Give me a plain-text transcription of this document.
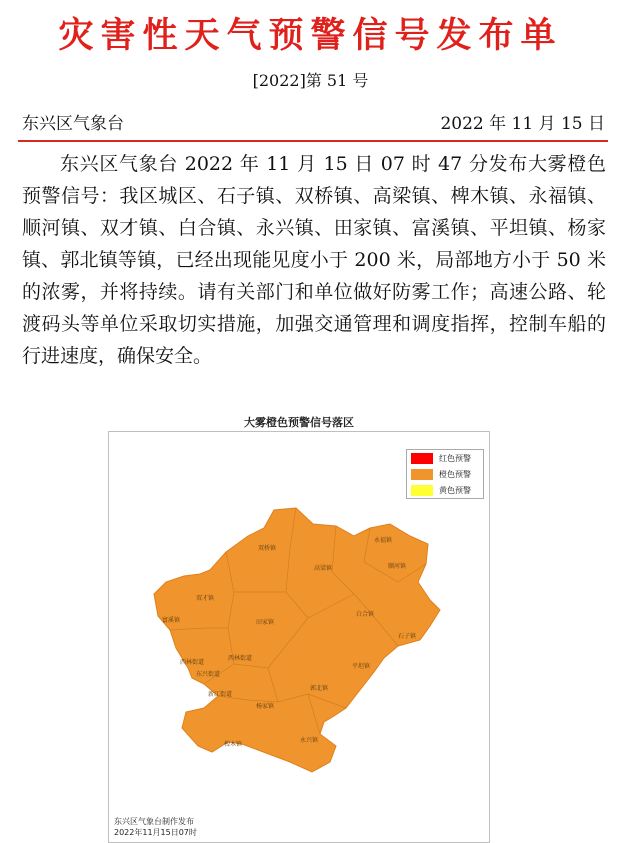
灾害性天气预警信号发布单
[2022]第 51 号
东兴区气象台	2022 年 11 月 15 日

东兴区气象台 2022 年 11 月 15 日 07 时 47 分发布大雾橙色预警信号：我区城区、石子镇、双桥镇、高梁镇、椑木镇、永福镇、顺河镇、双才镇、白合镇、永兴镇、田家镇、富溪镇、平坦镇、杨家镇、郭北镇等镇，已经出现能见度小于 200 米，局部地方小于 50 米的浓雾，并将持续。请有关部门和单位做好防雾工作；高速公路、轮渡码头等单位采取切实措施，加强交通管理和调度指挥，控制车船的行进速度，确保安全。

大雾橙色预警信号落区
双桥镇
永福镇
顺河镇
高梁镇
双才镇
富溪镇	田家镇
白合镇
石子镇
西林街道
西林街道
东兴街道
新江街道
平坦镇
郭北镇
杨家镇
椑木镇
永兴镇
红色预警
橙色预警
黄色预警
东兴区气象台制作发布
2022年11月15日07时
